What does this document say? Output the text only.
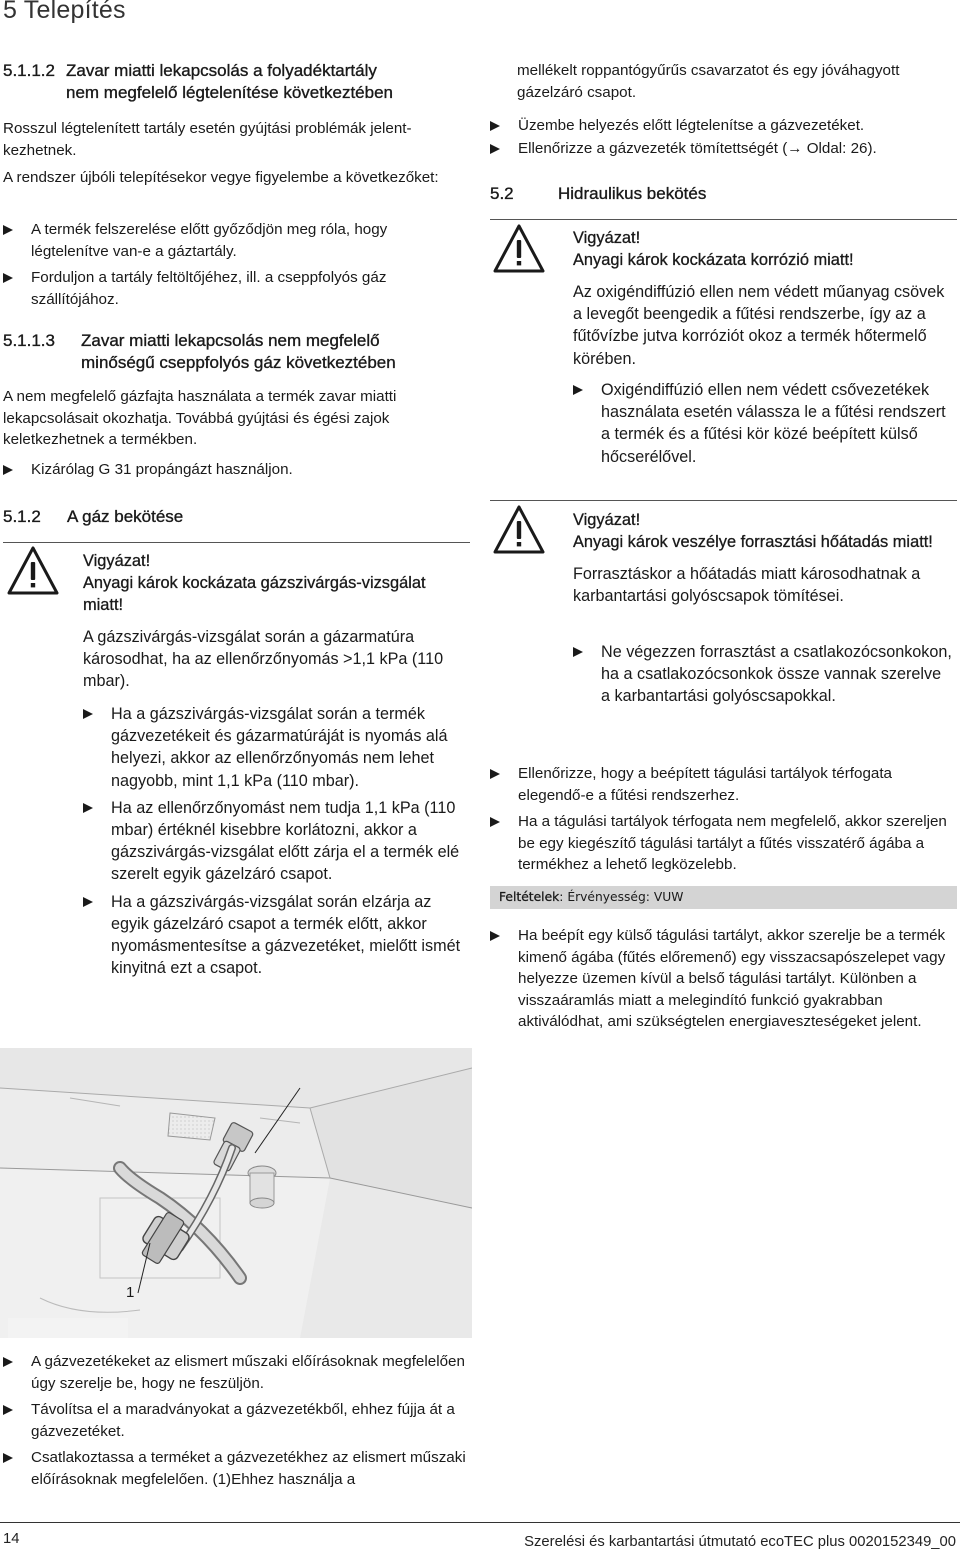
5 Telepítés
5.1.1.2 Zavar miatti lekapcsolás a folyadéktartály
nem megfelelő légtelenítése következtében

Rosszul légtelenített tartály esetén gyújtási problémák jelent-kezhetnek.

A rendszer újbóli telepítésekor vegye figyelembe a következőket:

A termék felszerelése előtt győződjön meg róla, hogy légtelenítve van-e a gáztartály.
Forduljon a tartály feltöltőjéhez, ill. a cseppfolyós gáz szállítójához.
5.1.1.3	Zavar miatti lekapcsolás nem megfelelő
minőségű cseppfolyós gáz következtében

A nem megfelelő gázfajta használata a termék zavar miatti lekapcsolásait okozhatja. Továbbá gyújtási és égési zajok keletkezhetnek a termékben.

Kizárólag G 31 propángázt használjon.
5.1.2	A gáz bekötése
Vigyázat!
Anyagi károk kockázata gázszivárgás-vizsgálat miatt!
A gázszivárgás-vizsgálat során a gázarmatúra károsodhat, ha az ellenőrzőnyomás >1,1 kPa (110 mbar).
Ha a gázszivárgás-vizsgálat során a termék gázvezetékeit és gázarmatúráját is nyomás alá helyezi, akkor az ellenőrzőnyomás nem lehet nagyobb, mint 1,1 kPa (110 mbar).
Ha az ellenőrzőnyomást nem tudja 1,1 kPa (110 mbar) értéknél kisebbre korlátozni, akkor a gázszivárgás-vizsgálat előtt zárja el a termék elé szerelt egyik gázelzáró csapot.
Ha a gázszivárgás-vizsgálat során elzárja az egyik gázelzáró csapot a termék előtt, akkor nyomásmentesítse a gázvezetéket, mielőtt ismét kinyitná ezt a csapot.
1
A gázvezetékeket az elismert műszaki előírásoknak megfelelően úgy szerelje be, hogy ne feszüljön.
Távolítsa el a maradványokat a gázvezetékből, ehhez fújja át a gázvezetéket.
Csatlakoztassa a terméket a gázvezetékhez az elismert műszaki előírásoknak megfelelően. (1)Ehhez használja a

mellékelt roppantógyűrűs csavarzatot és egy jóváhagyott gázelzáró csapot.

Üzembe helyezés előtt légtelenítse a gázvezetéket.
Ellenőrizze a gázvezeték tömítettségét (→ Oldal: 26).
5.2	Hidraulikus bekötés
Vigyázat!
Anyagi károk kockázata korrózió miatt!
Az oxigéndiffúzió ellen nem védett műanyag csövek a levegőt beengedik a fűtési rendszerbe, így az a fűtővízbe jutva korróziót okoz a termék hőtermelő körében.
Oxigéndiffúzió ellen nem védett csővezetékek használata esetén válassza le a fűtési rendszert a termék és a fűtési kör közé beépített külső hőcserélővel.
Vigyázat!
Anyagi károk veszélye forrasztási hőátadás miatt!
Forrasztáskor a hőátadás miatt károsodhatnak a karbantartási golyóscsapok tömítései.
Ne végezzen forrasztást a csatlakozócsonkokon, ha a csatlakozócsonkok össze vannak szerelve a karbantartási golyóscsapokkal.
Ellenőrizze, hogy a beépített tágulási tartályok térfogata elegendő-e a fűtési rendszerhez.
Ha a tágulási tartályok térfogata nem megfelelő, akkor szereljen be egy kiegészítő tágulási tartályt a fűtés visszatérő ágába a termékhez a lehető legközelebb.
Feltételek: Érvényesség: VUW
Ha beépít egy külső tágulási tartályt, akkor szerelje be a termék kimenő ágába (fűtés előremenő) egy visszacsapószelepet vagy helyezze üzemen kívül a belső tágulási tartályt. Különben a visszaáramlás miatt a melegindító funkció gyakrabban aktiválódhat, ami szükségtelen energiaveszteségeket jelent.
14	Szerelési és karbantartási útmutató ecoTEC plus 0020152349_00
